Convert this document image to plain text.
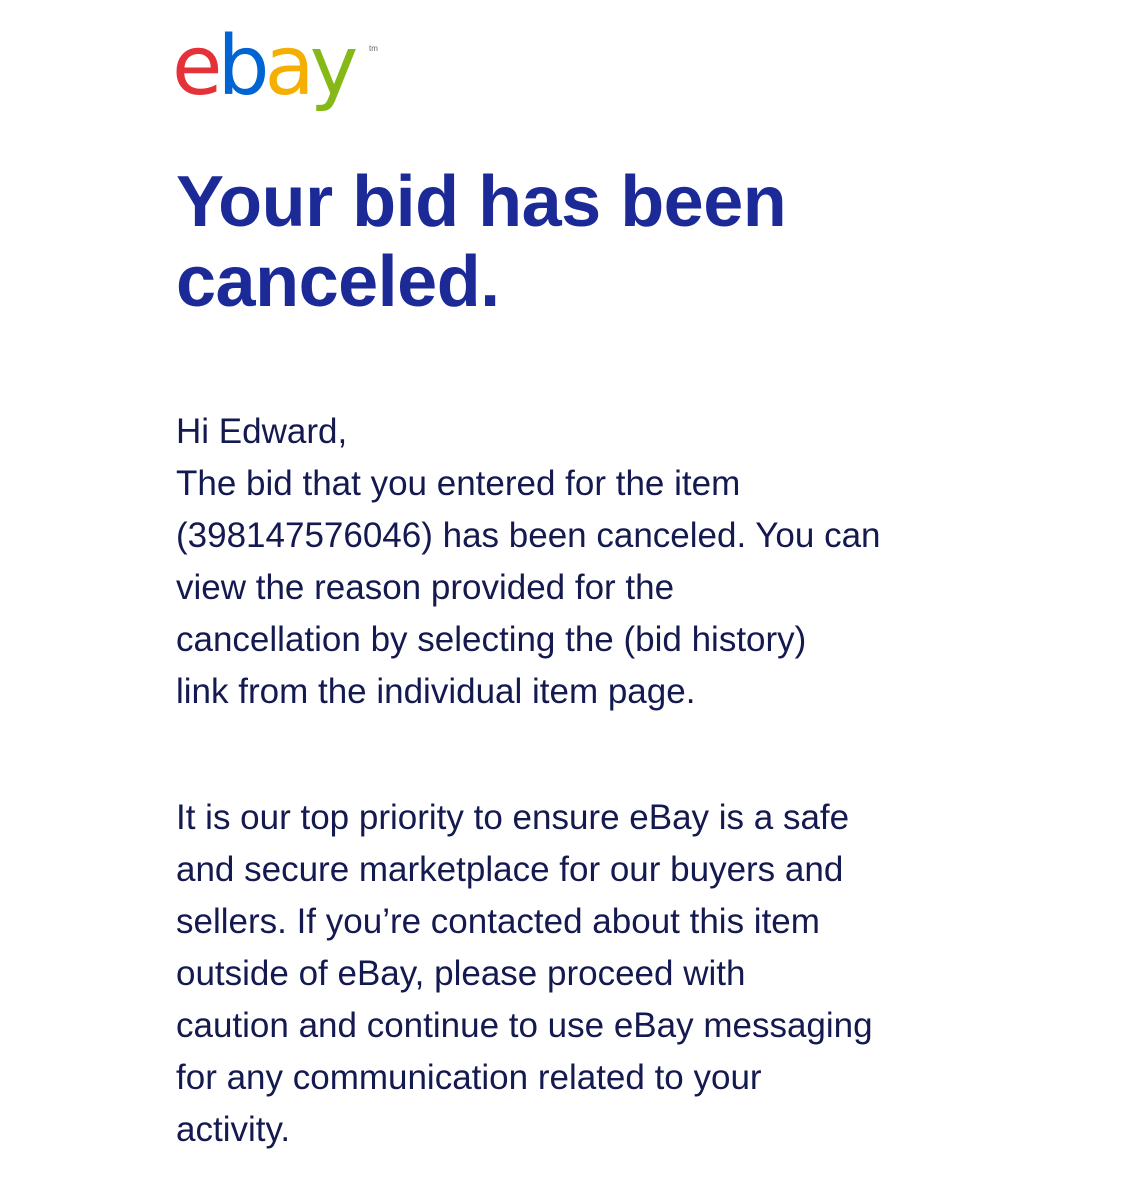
ebay tm
Your bid has been
canceled.

Hi Edward,

The bid that you entered for the item
(398147576046) has been canceled. You can
view the reason provided for the
cancellation by selecting the (bid history)
link from the individual item page.

It is our top priority to ensure eBay is a safe
and secure marketplace for our buyers and
sellers. If you’re contacted about this item
outside of eBay, please proceed with
caution and continue to use eBay messaging
for any communication related to your
activity.
